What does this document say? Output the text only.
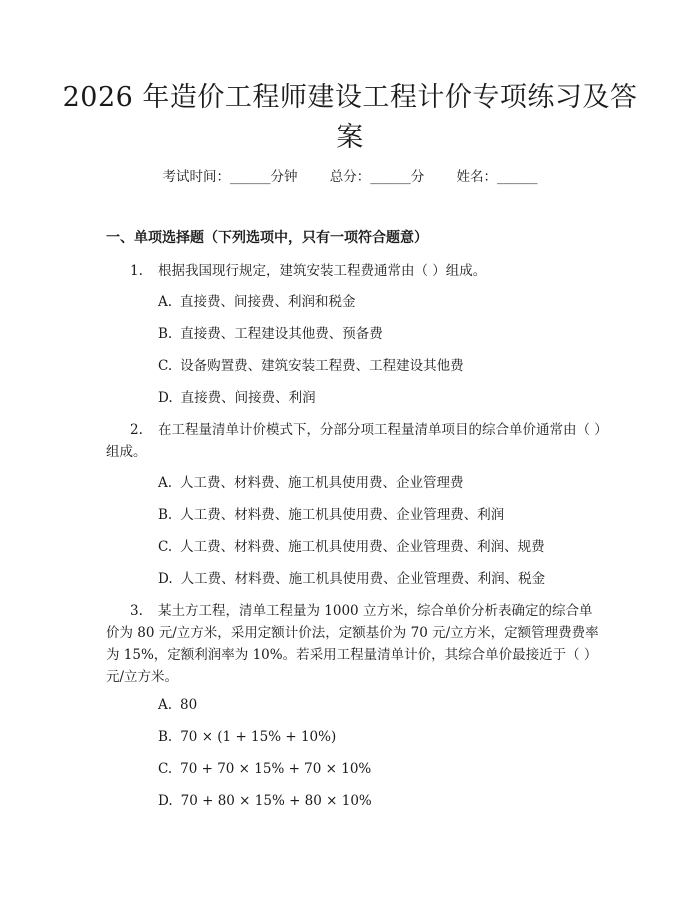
2026 年造价工程师建设工程计价专项练习及答案
考试时间：______分钟 总分：______分 姓名：______
一、单项选择题（下列选项中，只有一项符合题意）
1. 根据我国现行规定，建筑安装工程费通常由（ ）组成。
A. 直接费、间接费、利润和税金
B. 直接费、工程建设其他费、预备费
C. 设备购置费、建筑安装工程费、工程建设其他费
D. 直接费、间接费、利润
2. 在工程量清单计价模式下，分部分项工程量清单项目的综合单价通常由（ ）组成。
A. 人工费、材料费、施工机具使用费、企业管理费
B. 人工费、材料费、施工机具使用费、企业管理费、利润
C. 人工费、材料费、施工机具使用费、企业管理费、利润、规费
D. 人工费、材料费、施工机具使用费、企业管理费、利润、税金
3. 某土方工程，清单工程量为 1000 立方米，综合单价分析表确定的综合单价为 80 元/立方米，采用定额计价法，定额基价为 70 元/立方米，定额管理费费率为 15%，定额利润率为 10%。若采用工程量清单计价，其综合单价最接近于（ ）元/立方米。
A. 80
B. 70 × (1 + 15% + 10%)
C. 70 + 70 × 15% + 70 × 10%
D. 70 + 80 × 15% + 80 × 10%
